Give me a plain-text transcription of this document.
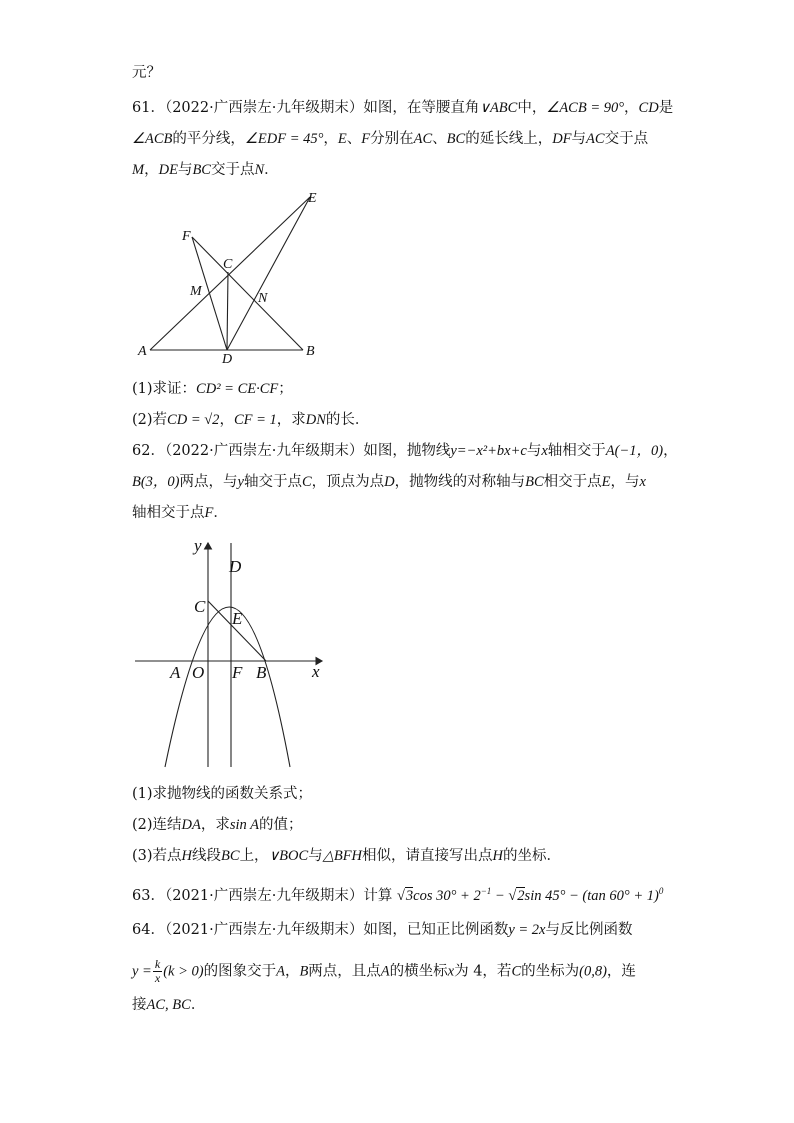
元？
61．（2022·广西崇左·九年级期末）如图，在等腰直角∨ABC中，∠ACB = 90°，CD是
∠ACB的平分线，∠EDF = 45°，E、F分别在AC、BC的延长线上，DF与AC交于点
M，DE与BC交于点N．
A	B
C
D
E
F
M	N
(1)求证：CD² = CE·CF；
(2)若CD = √2，CF = 1，求DN的长．
62．（2022·广西崇左·九年级期末）如图，抛物线y=−x²+bx+c与x轴相交于A(−1，0)，
B(3，0)两点，与y轴交于点C，顶点为点D，抛物线的对称轴与BC相交于点E，与x
轴相交于点F．
y
x
D
C
E
A O F B
(1)求抛物线的函数关系式；
(2)连结DA，求sin A的值；
(3)若点H线段BC上，∨BOC与△BFH相似，请直接写出点H的坐标．
63．（2021·广西崇左·九年级期末）计算 √3cos $30^\circ + 2^{-1} - √2\sin$ 45° − (tan 60° + 1)$^0$
64．（2021·广西崇左·九年级期末）如图，已知正比例函数y = 2x与反比例函数
$y = \frac{k}{x} (k > 0)$的图象交于A，B两点，且点A的横坐标x为 4，若C的坐标为(0,8)，连
接AC, BC．
